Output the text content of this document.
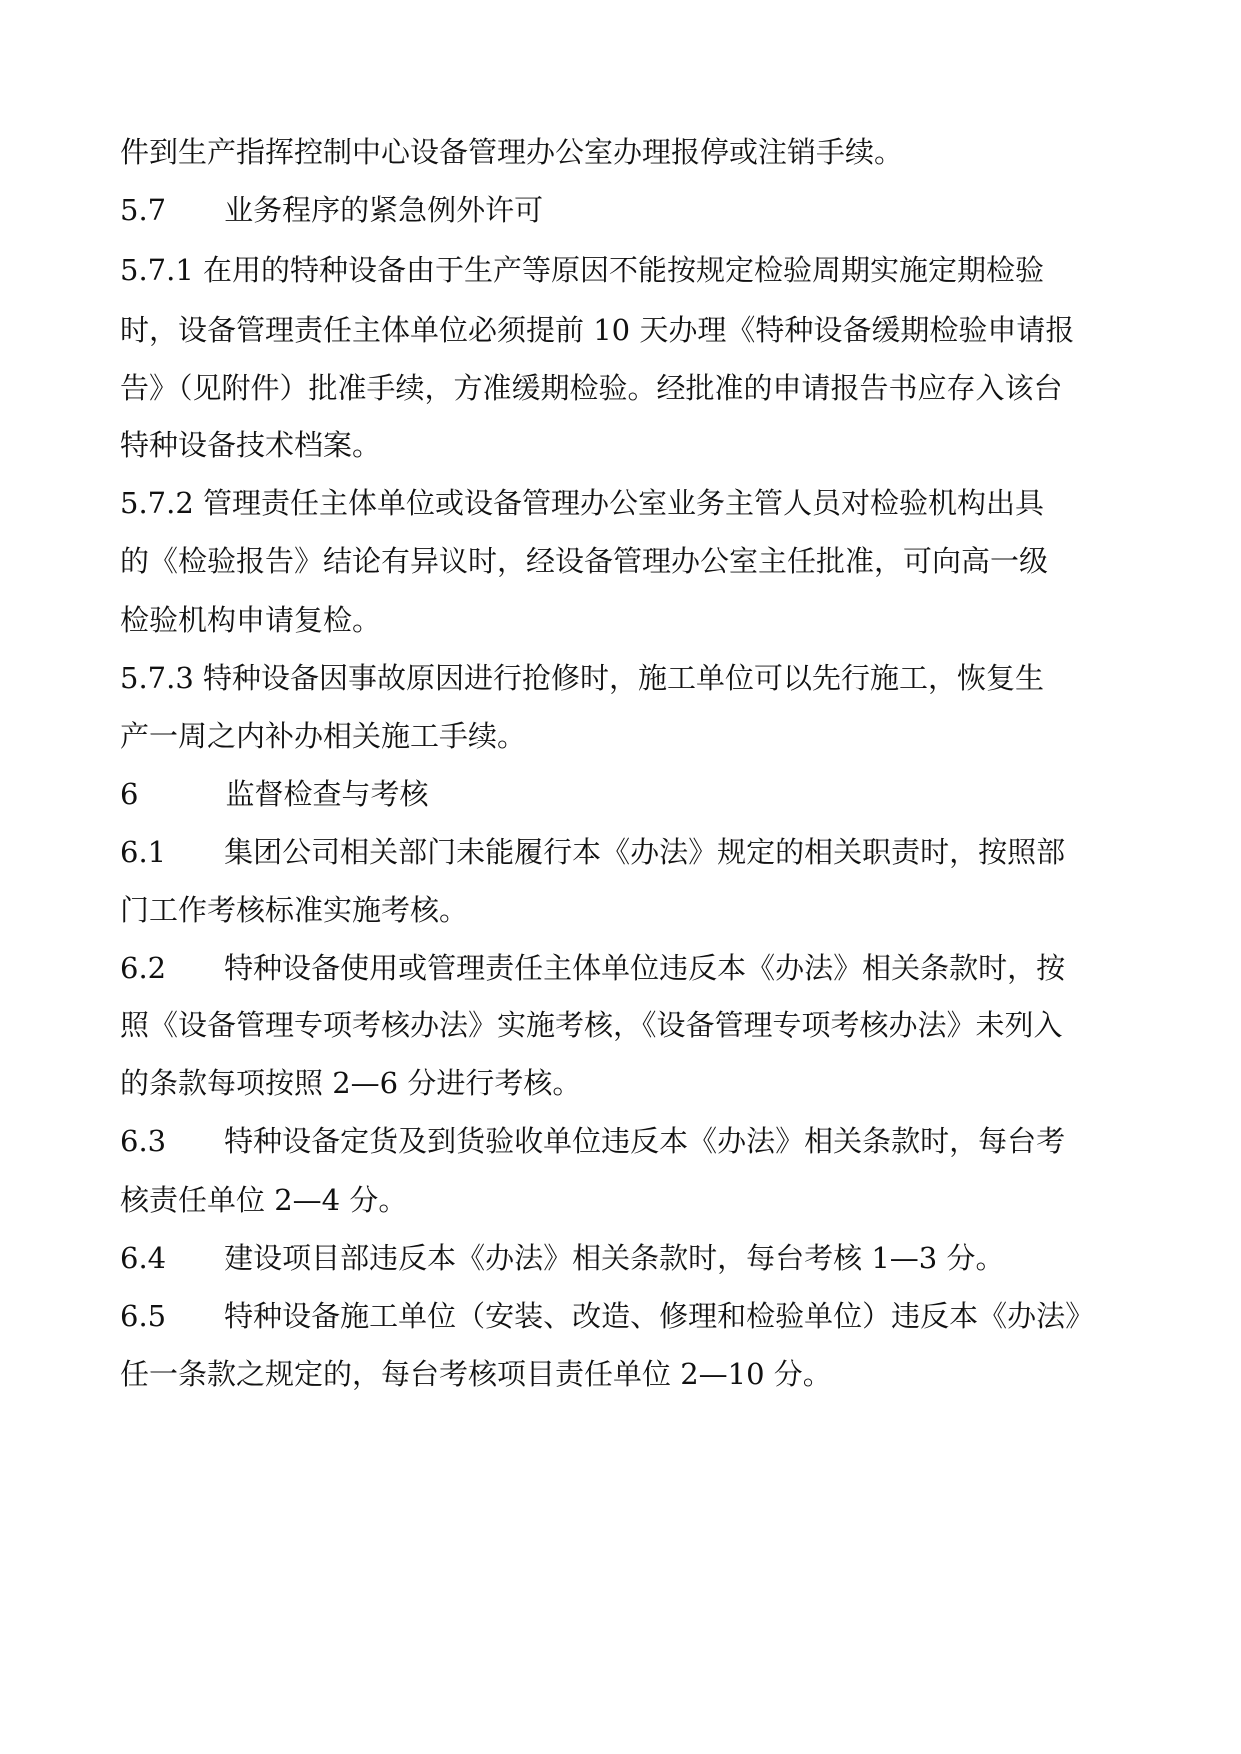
件到生产指挥控制中心设备管理办公室办理报停或注销手续。

5.7　　业务程序的紧急例外许可

5.7.1 在用的特种设备由于生产等原因不能按规定检验周期实施定期检验

时，设备管理责任主体单位必须提前 10 天办理《特种设备缓期检验申请报

告》（见附件）批准手续，方准缓期检验。经批准的申请报告书应存入该台

特种设备技术档案。

5.7.2 管理责任主体单位或设备管理办公室业务主管人员对检验机构出具

的《检验报告》结论有异议时，经设备管理办公室主任批准，可向高一级

检验机构申请复检。

5.7.3 特种设备因事故原因进行抢修时，施工单位可以先行施工，恢复生

产一周之内补办相关施工手续。

6　　　监督检查与考核

6.1　　集团公司相关部门未能履行本《办法》规定的相关职责时，按照部

门工作考核标准实施考核。

6.2　　特种设备使用或管理责任主体单位违反本《办法》相关条款时，按

照《设备管理专项考核办法》实施考核，《设备管理专项考核办法》未列入

的条款每项按照 2—6 分进行考核。

6.3　　特种设备定货及到货验收单位违反本《办法》相关条款时，每台考

核责任单位 2—4 分。

6.4　　建设项目部违反本《办法》相关条款时，每台考核 1—3 分。

6.5　　特种设备施工单位（安装、改造、修理和检验单位）违反本《办法》

任一条款之规定的，每台考核项目责任单位 2—10 分。
